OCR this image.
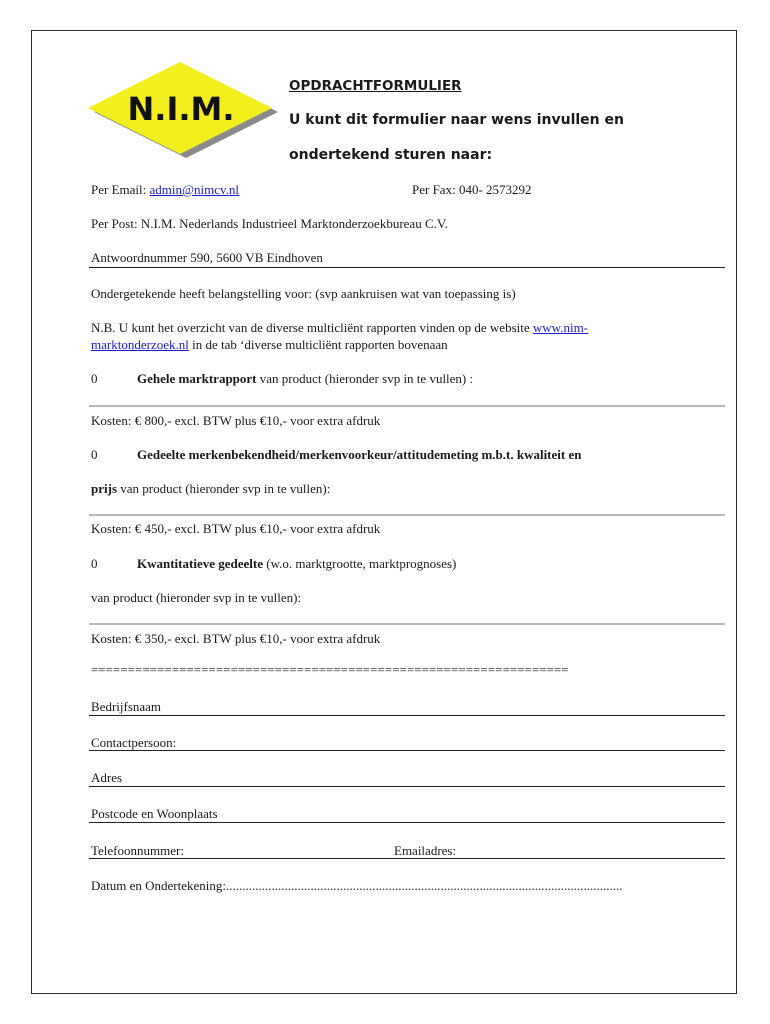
N.I.M.
OPDRACHTFORMULIER
U kunt dit formulier naar wens invullen en
ondertekend sturen naar:
Per Email: admin@nimcv.nl	Per Fax: 040- 2573292
Per Post: N.I.M. Nederlands Industrieel Marktonderzoekbureau C.V.
Antwoordnummer 590, 5600 VB Eindhoven
Ondergetekende heeft belangstelling voor: (svp aankruisen wat van toepassing is)
N.B. U kunt het overzicht van de diverse multicliënt rapporten vinden op de website www.nim-
marktonderzoek.nl in de tab ‘diverse multicliënt rapporten bovenaan
0	Gehele marktrapport van product (hieronder svp in te vullen) :
Kosten: € 800,- excl. BTW plus €10,- voor extra afdruk
0	Gedeelte merkenbekendheid/merkenvoorkeur/attitudemeting m.b.t. kwaliteit en
prijs van product (hieronder svp in te vullen):
Kosten: € 450,- excl. BTW plus €10,- voor extra afdruk
0	Kwantitatieve gedeelte (w.o. marktgrootte, marktprognoses)
van product (hieronder svp in te vullen):
Kosten: € 350,- excl. BTW plus €10,- voor extra afdruk
=================================================================
Bedrijfsnaam
Contactpersoon:
Adres
Postcode en Woonplaats
Telefoonnummer:	Emailadres:
Datum en Ondertekening:..........................................................................................................................
